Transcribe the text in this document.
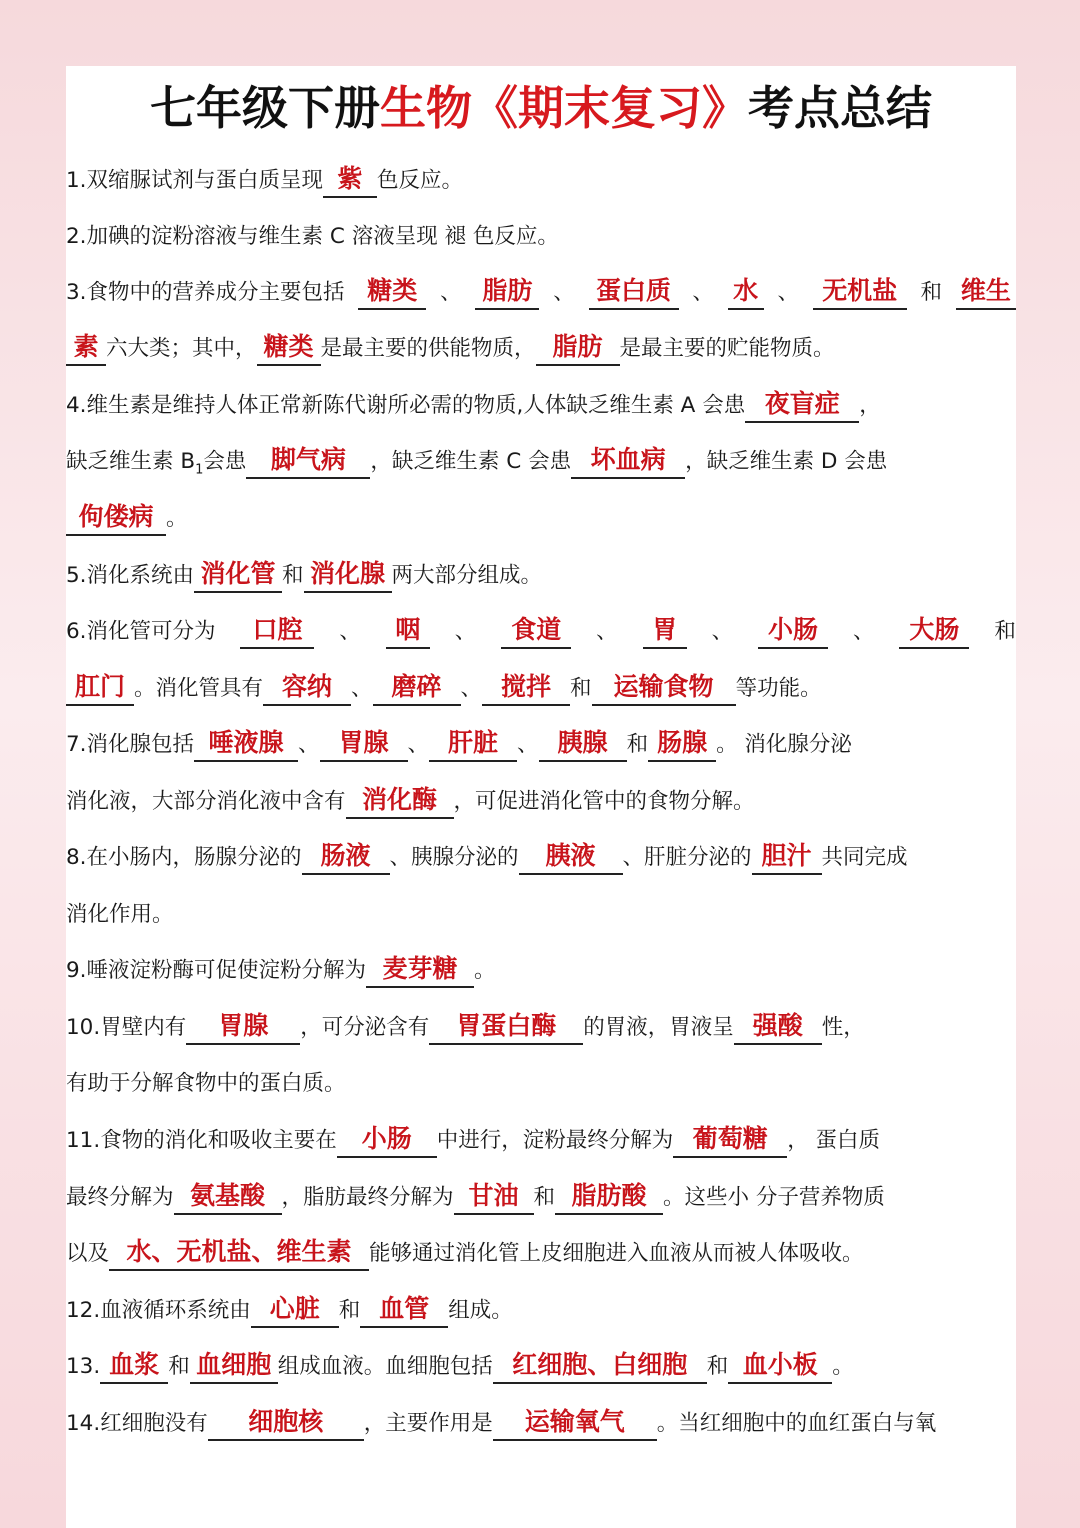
七年级下册生物《期末复习》考点总结
1.双缩脲试剂与蛋白质呈现 紫 色反应。
2.加碘的淀粉溶液与维生素 C 溶液呈现 褪 色反应。
3.食物中的营养成分主要包括 糖类	、 脂肪 、 蛋白质 、 水 、 无机盐	和 维生
素 六大类；其中， 糖类 是最主要的供能物质， 脂肪 是最主要的贮能物质。
4.维生素是维持人体正常新陈代谢所必需的物质,人体缺乏维生素 A 会患 夜盲症 ，
缺乏维生素 $B_1$会患 脚气病 ，缺乏维生素 C 会患 坏血病 ，缺乏维生素 D 会患
佝偻病 。
5.消化系统由 消化管 和 消化腺 两大部分组成。
6.消化管可分为	口腔	、	咽	、	食道	、	胃	、	小肠	、	大肠	和
肛门 。消化管具有 容纳 、 磨碎 、 搅拌 和 运输食物 等功能。
7.消化腺包括 唾液腺 、 胃腺 、 肝脏 、 胰腺 和 肠腺 。 消化腺分泌
消化液，大部分消化液中含有 消化酶 ，可促进消化管中的食物分解。
8.在小肠内，肠腺分泌的 肠液 、胰腺分泌的 胰液 、肝脏分泌的 胆汁 共同完成
消化作用。
9.唾液淀粉酶可促使淀粉分解为 麦芽糖 。
10.胃壁内有 胃腺 ，可分泌含有 胃蛋白酶 的胃液，胃液呈 强酸 性，
有助于分解食物中的蛋白质。
11.食物的消化和吸收主要在 小肠 中进行，淀粉最终分解为 葡萄糖 ， 蛋白质
最终分解为 氨基酸 ，脂肪最终分解为 甘油 和 脂肪酸 。这些小 分子营养物质
以及 水、无机盐、维生素 能够通过消化管上皮细胞进入血液从而被人体吸收。
12.血液循环系统由 心脏 和 血管 组成。
13. 血浆 和 血细胞 组成血液。血细胞包括 红细胞、白细胞 和 血小板 。
14.红细胞没有 细胞核 ，主要作用是 运输氧气 。当红细胞中的血红蛋白与氧
